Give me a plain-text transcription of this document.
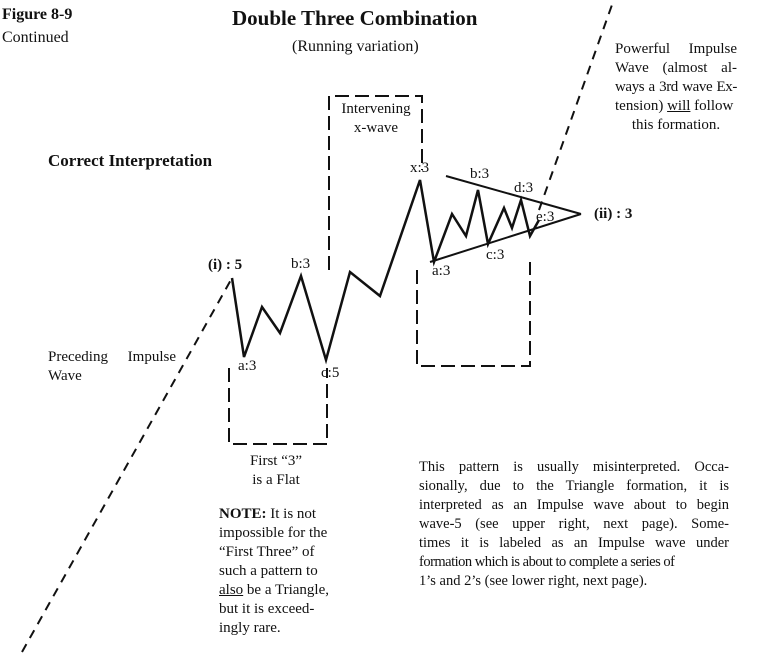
Figure 8-9
Continued
Double Three Combination
(Running variation)
Correct Interpretation
(i) : 5
a:3
b:3
c:5
x:3
a:3
b:3
c:3
d:3
e:3	(ii) : 3
Intervening
x-wave
Preceding Impulse
Wave
Powerful Impulse
Wave (almost al-
ways a 3rd wave Ex-
tension) will follow
this formation.
First “3”
is a Flat
NOTE: It is not
impossible for the
“First Three” of
such a pattern to
also be a Triangle,
but it is exceed-
ingly rare.
This pattern is usually misinterpreted. Occa-
sionally, due to the Triangle formation, it is
interpreted as an Impulse wave about to begin
wave-5 (see upper right, next page). Some-
times it is labeled as an Impulse wave under
formation which is about to complete a series of
1’s and 2’s (see lower right, next page).
